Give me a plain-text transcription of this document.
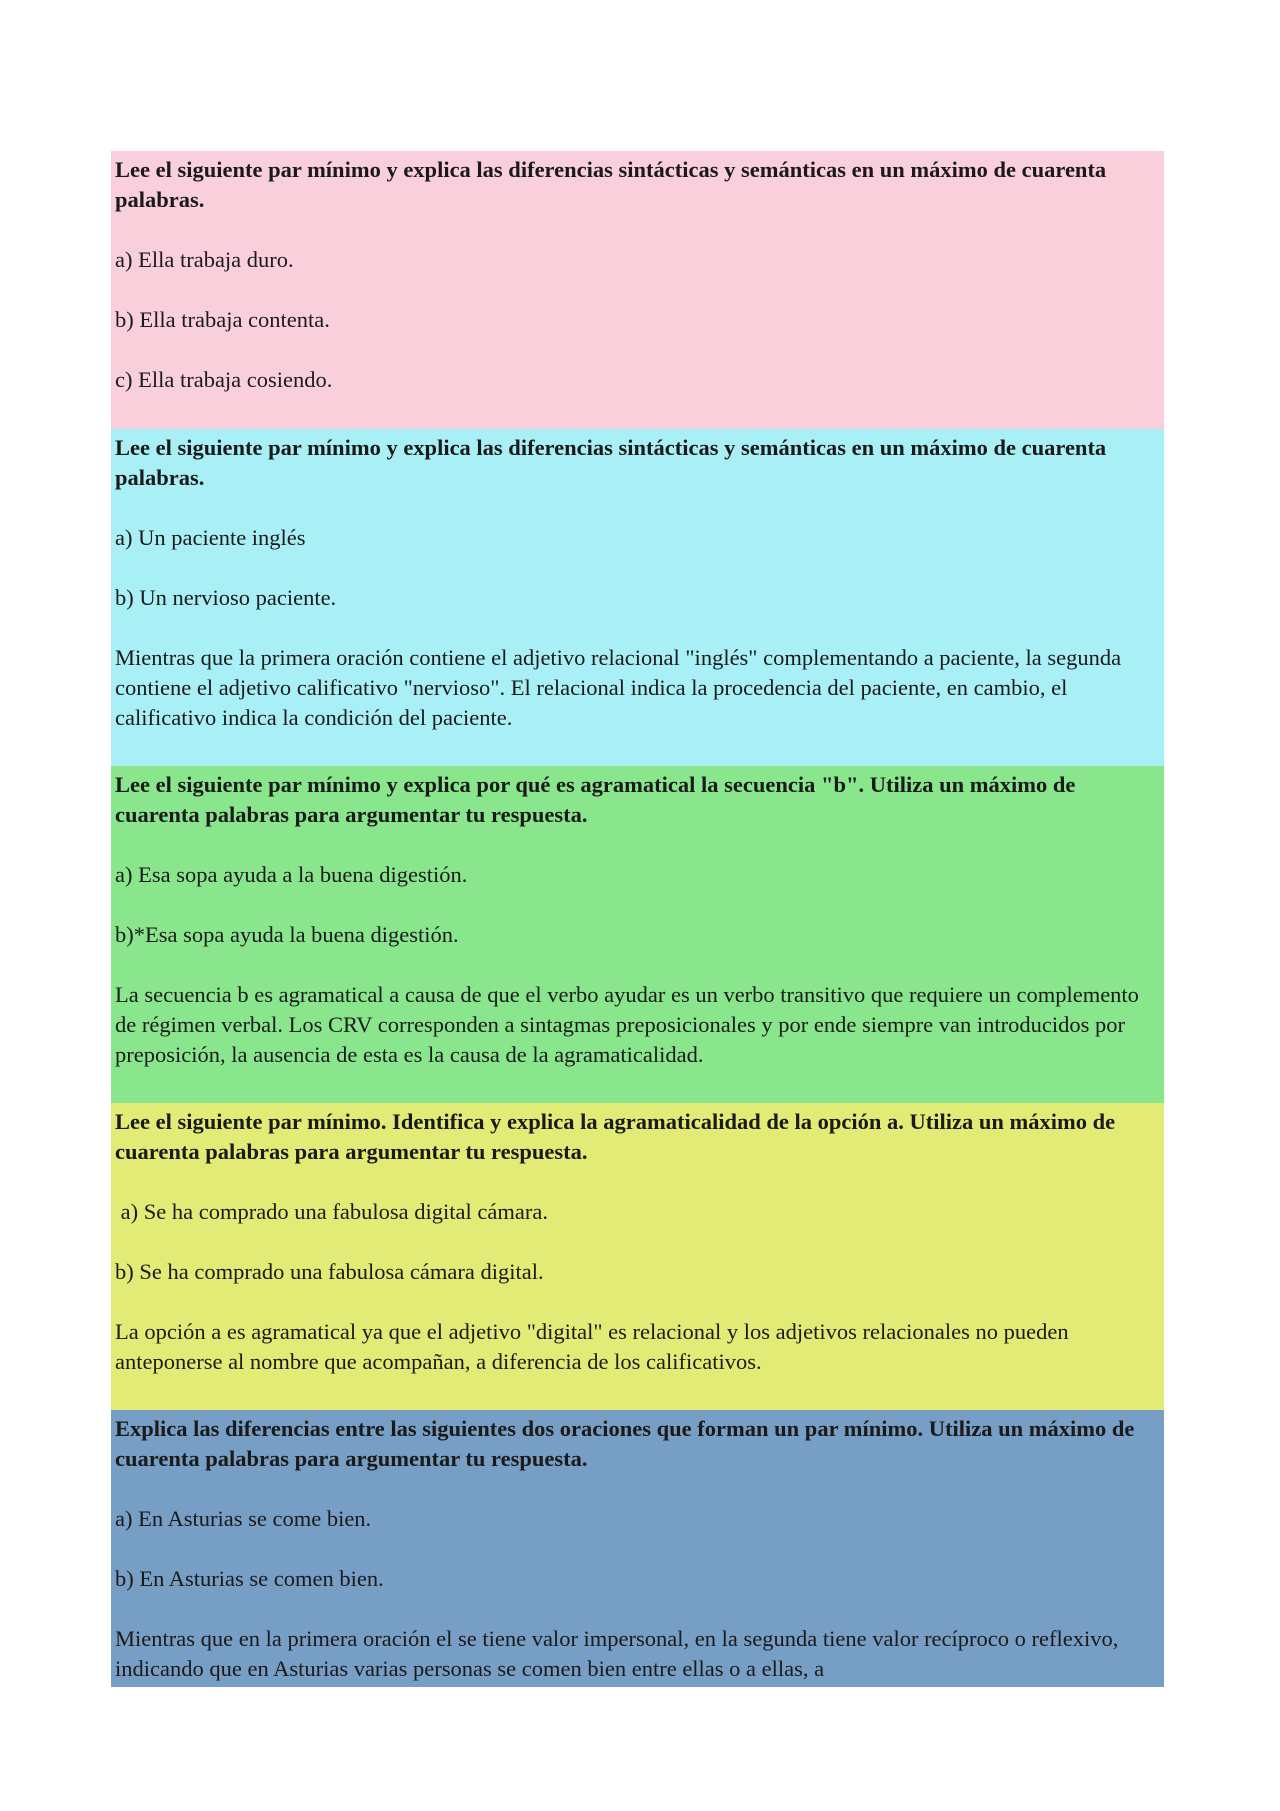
Lee el siguiente par mínimo y explica las diferencias sintácticas y semánticas en un máximo de cuarenta palabras.

a) Ella trabaja duro.

b) Ella trabaja contenta.

c) Ella trabaja cosiendo.

Lee el siguiente par mínimo y explica las diferencias sintácticas y semánticas en un máximo de cuarenta palabras.

a) Un paciente inglés

b) Un nervioso paciente.

Mientras que la primera oración contiene el adjetivo relacional "inglés" complementando a paciente, la segunda contiene el adjetivo calificativo "nervioso". El relacional indica la procedencia del paciente, en cambio, el calificativo indica la condición del paciente.

Lee el siguiente par mínimo y explica por qué es agramatical la secuencia "b". Utiliza un máximo de cuarenta palabras para argumentar tu respuesta.

a) Esa sopa ayuda a la buena digestión.

b)*Esa sopa ayuda la buena digestión.

La secuencia b es agramatical a causa de que el verbo ayudar es un verbo transitivo que requiere un complemento de régimen verbal. Los CRV corresponden a sintagmas preposicionales y por ende siempre van introducidos por preposición, la ausencia de esta es la causa de la agramaticalidad.

Lee el siguiente par mínimo. Identifica y explica la agramaticalidad de la opción a. Utiliza un máximo de cuarenta palabras para argumentar tu respuesta.

a) Se ha comprado una fabulosa digital cámara.

b) Se ha comprado una fabulosa cámara digital.

La opción a es agramatical ya que el adjetivo "digital" es relacional y los adjetivos relacionales no pueden anteponerse al nombre que acompañan, a diferencia de los calificativos.

Explica las diferencias entre las siguientes dos oraciones que forman un par mínimo. Utiliza un máximo de cuarenta palabras para argumentar tu respuesta.

a) En Asturias se come bien.

b) En Asturias se comen bien.

Mientras que en la primera oración el se tiene valor impersonal, en la segunda tiene valor recíproco o reflexivo, indicando que en Asturias varias personas se comen bien entre ellas o a ellas, a
